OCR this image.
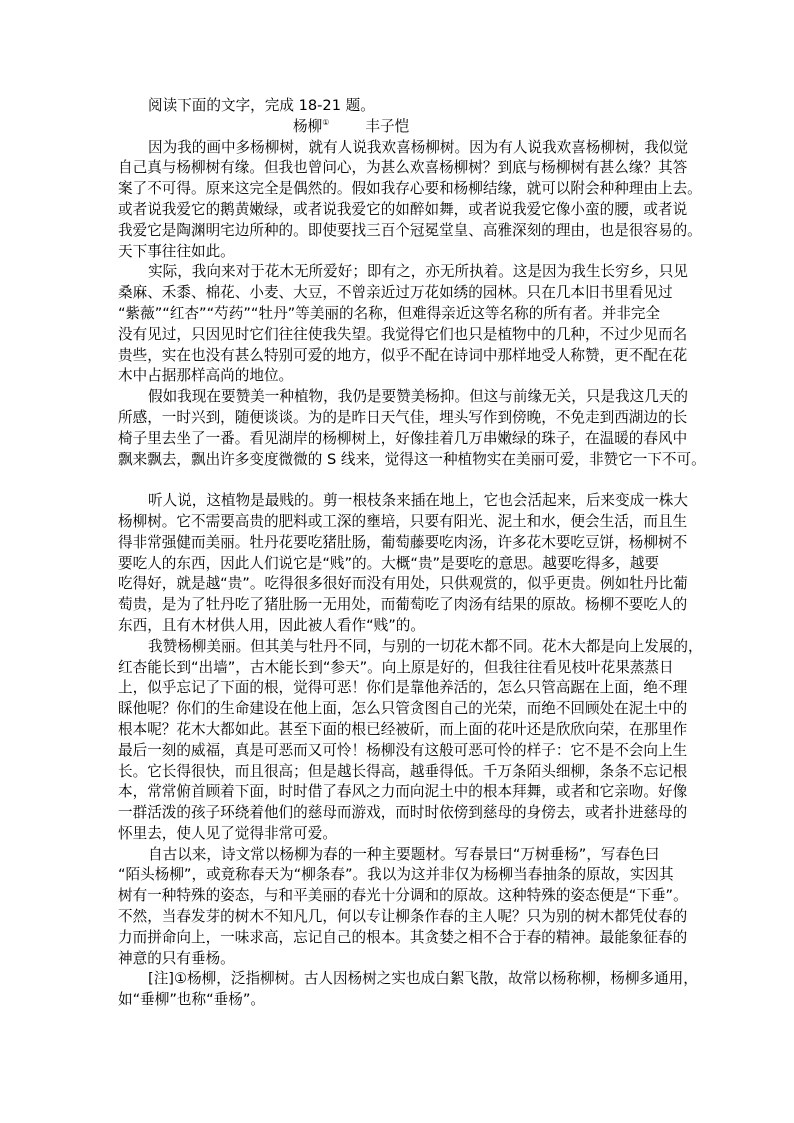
阅读下面的文字，完成 18-21 题。
杨柳① 丰子恺
因为我的画中多杨柳树，就有人说我欢喜杨柳树。因为有人说我欢喜杨柳树，我似觉
自己真与杨柳树有缘。但我也曾问心，为甚么欢喜杨柳树？到底与杨柳树有甚么缘？其答
案了不可得。原来这完全是偶然的。假如我存心要和杨柳结缘，就可以附会种种理由上去。
或者说我爱它的鹅黄嫩绿，或者说我爱它的如醉如舞，或者说我爱它像小蛮的腰，或者说
我爱它是陶渊明宅边所种的。即使要找三百个冠冕堂皇、高雅深刻的理由，也是很容易的。
天下事往往如此。
实际，我向来对于花木无所爱好；即有之，亦无所执着。这是因为我生长穷乡，只见
桑麻、禾黍、棉花、小麦、大豆，不曾亲近过万花如绣的园林。只在几本旧书里看见过
“紫薇”“红杏”“芍药”“牡丹”等美丽的名称，但难得亲近这等名称的所有者。并非完全
没有见过，只因见时它们往往使我失望。我觉得它们也只是植物中的几种，不过少见而名
贵些，实在也没有甚么特别可爱的地方，似乎不配在诗词中那样地受人称赞，更不配在花
木中占据那样高尚的地位。
假如我现在要赞美一种植物，我仍是要赞美杨抑。但这与前缘无关，只是我这几天的
所感，一时兴到，随便谈谈。为的是昨日天气佳，埋头写作到傍晚，不免走到西湖边的长
椅子里去坐了一番。看见湖岸的杨柳树上，好像挂着几万串嫩绿的珠子，在温暖的春风中
飘来飘去，飘出许多变度微微的 S 线来，觉得这一种植物实在美丽可爱，非赞它一下不可。
听人说，这植物是最贱的。剪一根枝条来插在地上，它也会活起来，后来变成一株大
杨柳树。它不需要高贵的肥料或工深的壅培，只要有阳光、泥土和水，便会生活，而且生
得非常强健而美丽。牡丹花要吃猪肚肠，葡萄藤要吃肉汤，许多花木要吃豆饼，杨柳树不
要吃人的东西，因此人们说它是“贱”的。大概“贵”是要吃的意思。越要吃得多，越要
吃得好，就是越“贵”。吃得很多很好而没有用处，只供观赏的，似乎更贵。例如牡丹比葡
萄贵，是为了牡丹吃了猪肚肠一无用处，而葡萄吃了肉汤有结果的原故。杨柳不要吃人的
东西，且有木材供人用，因此被人看作“贱”的。
我赞杨柳美丽。但其美与牡丹不同，与别的一切花木都不同。花木大都是向上发展的，
红杏能长到“出墙”，古木能长到“参天”。向上原是好的，但我往往看见枝叶花果蒸蒸日
上，似乎忘记了下面的根，觉得可恶！你们是靠他养活的，怎么只管高踞在上面，绝不理
睬他呢？你们的生命建设在他上面，怎么只管贪图自己的光荣，而绝不回顾处在泥土中的
根本呢？花木大都如此。甚至下面的根已经被斫，而上面的花叶还是欣欣向荣，在那里作
最后一刻的威福，真是可恶而又可怜！杨柳没有这般可恶可怜的样子：它不是不会向上生
长。它长得很快，而且很高；但是越长得高，越垂得低。千万条陌头细柳，条条不忘记根
本，常常俯首顾着下面，时时借了春风之力而向泥土中的根本拜舞，或者和它亲吻。好像
一群活泼的孩子环绕着他们的慈母而游戏，而时时依傍到慈母的身傍去，或者扑进慈母的
怀里去，使人见了觉得非常可爱。
自古以来，诗文常以杨柳为春的一种主要题材。写春景曰“万树垂杨”，写春色曰
“陌头杨柳”，或竟称春天为“柳条春”。我以为这并非仅为杨柳当春抽条的原故，实因其
树有一种特殊的姿态，与和平美丽的春光十分调和的原故。这种特殊的姿态便是“下垂”。
不然，当春发芽的树木不知凡几，何以专让柳条作春的主人呢？只为别的树木都凭仗春的
力而拼命向上，一味求高，忘记自己的根本。其贪婪之相不合于春的精神。最能象征春的
神意的只有垂杨。
[注]①杨柳，泛指柳树。古人因杨树之实也成白絮飞散，故常以杨称柳，杨柳多通用，
如“垂柳”也称“垂杨”。
